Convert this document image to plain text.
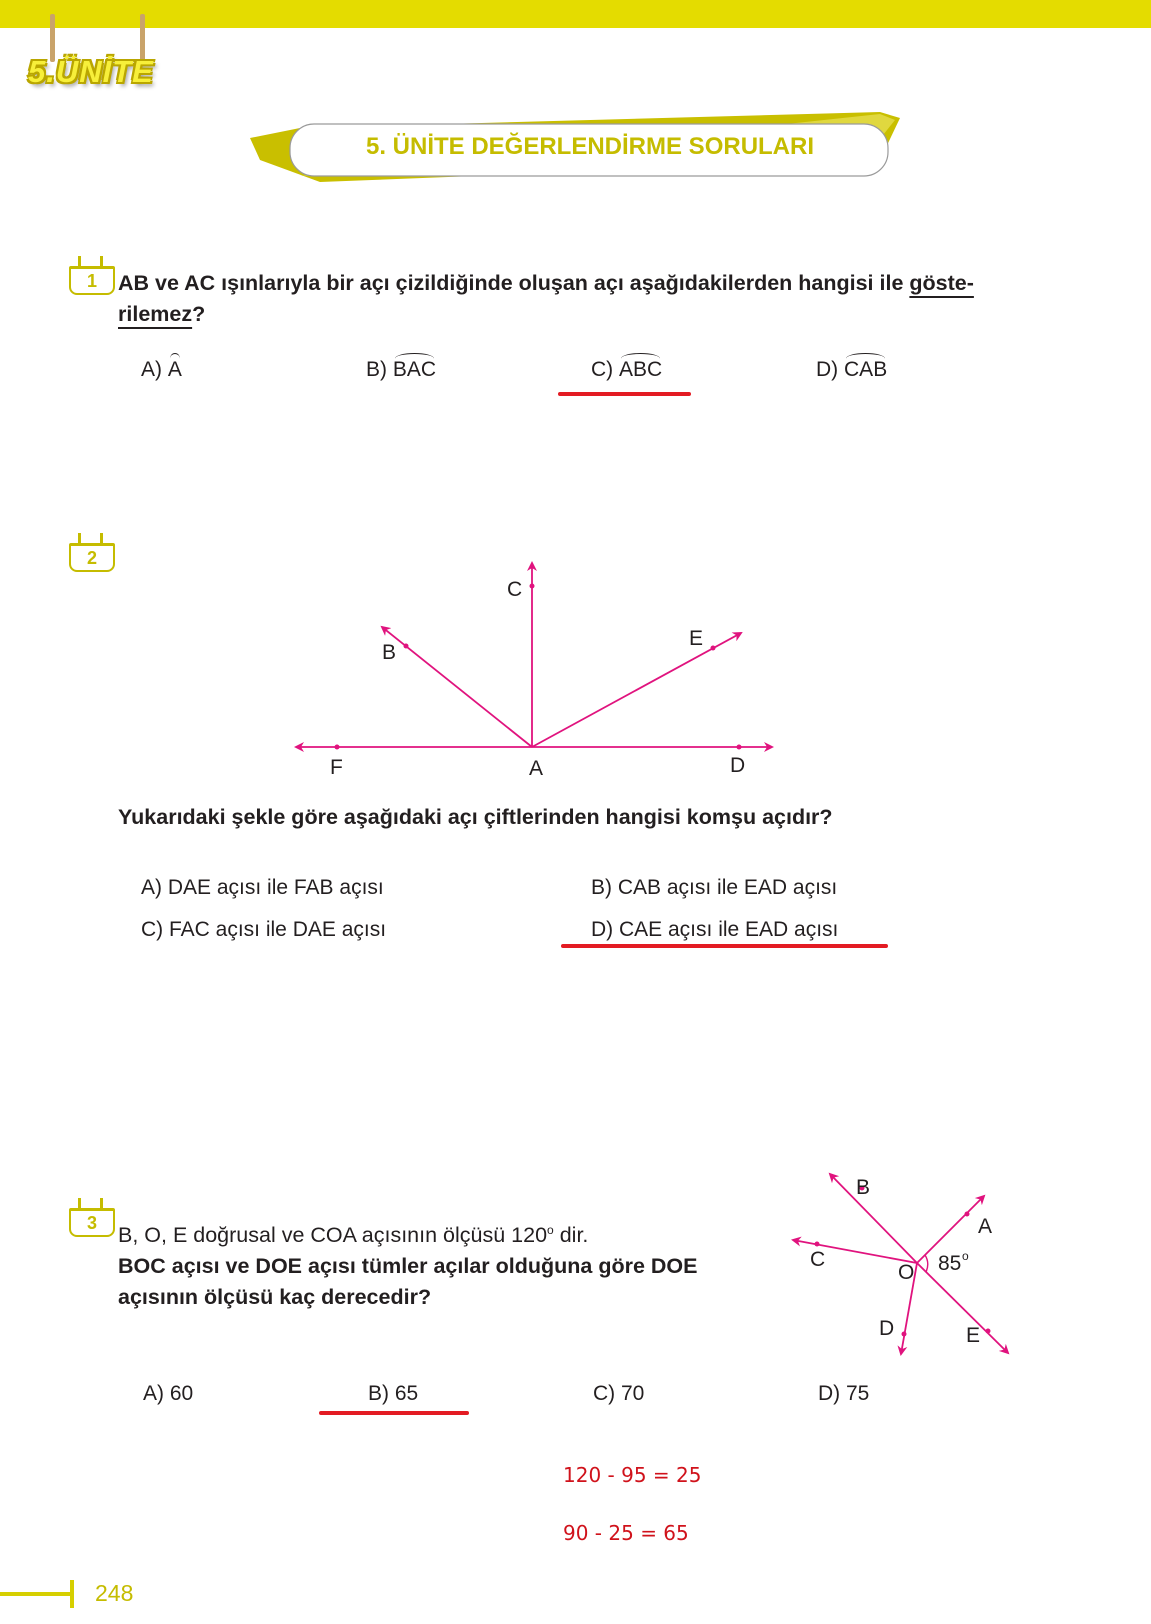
5.ÜNİTE
5. ÜNİTE DEĞERLENDİRME SORULARI
1 AB ve AC ışınlarıyla bir açı çizildiğinde oluşan açı aşağıdakilerden hangisi ile göste-
rilemez?
A) A	B) BAC	C) ABC	D) CAB
2
C
B
E
F	A	D
Yukarıdaki şekle göre aşağıdaki açı çiftlerinden hangisi komşu açıdır?
A) DAE açısı ile FAB açısı	B) CAB açısı ile EAD açısı
C) FAC açısı ile DAE açısı	D) CAE açısı ile EAD açısı
3
B, O, E doğrusal ve COA açısının ölçüsü 120$^o$ dir.
BOC açısı ve DOE açısı tümler açılar olduğuna göre DOE
açısının ölçüsü kaç derecedir?
B
A
C
O 85 o
D	E
A) 60	B) 65	C) 70	D) 75
120 - 95 = 25
90 - 25 = 65
248
